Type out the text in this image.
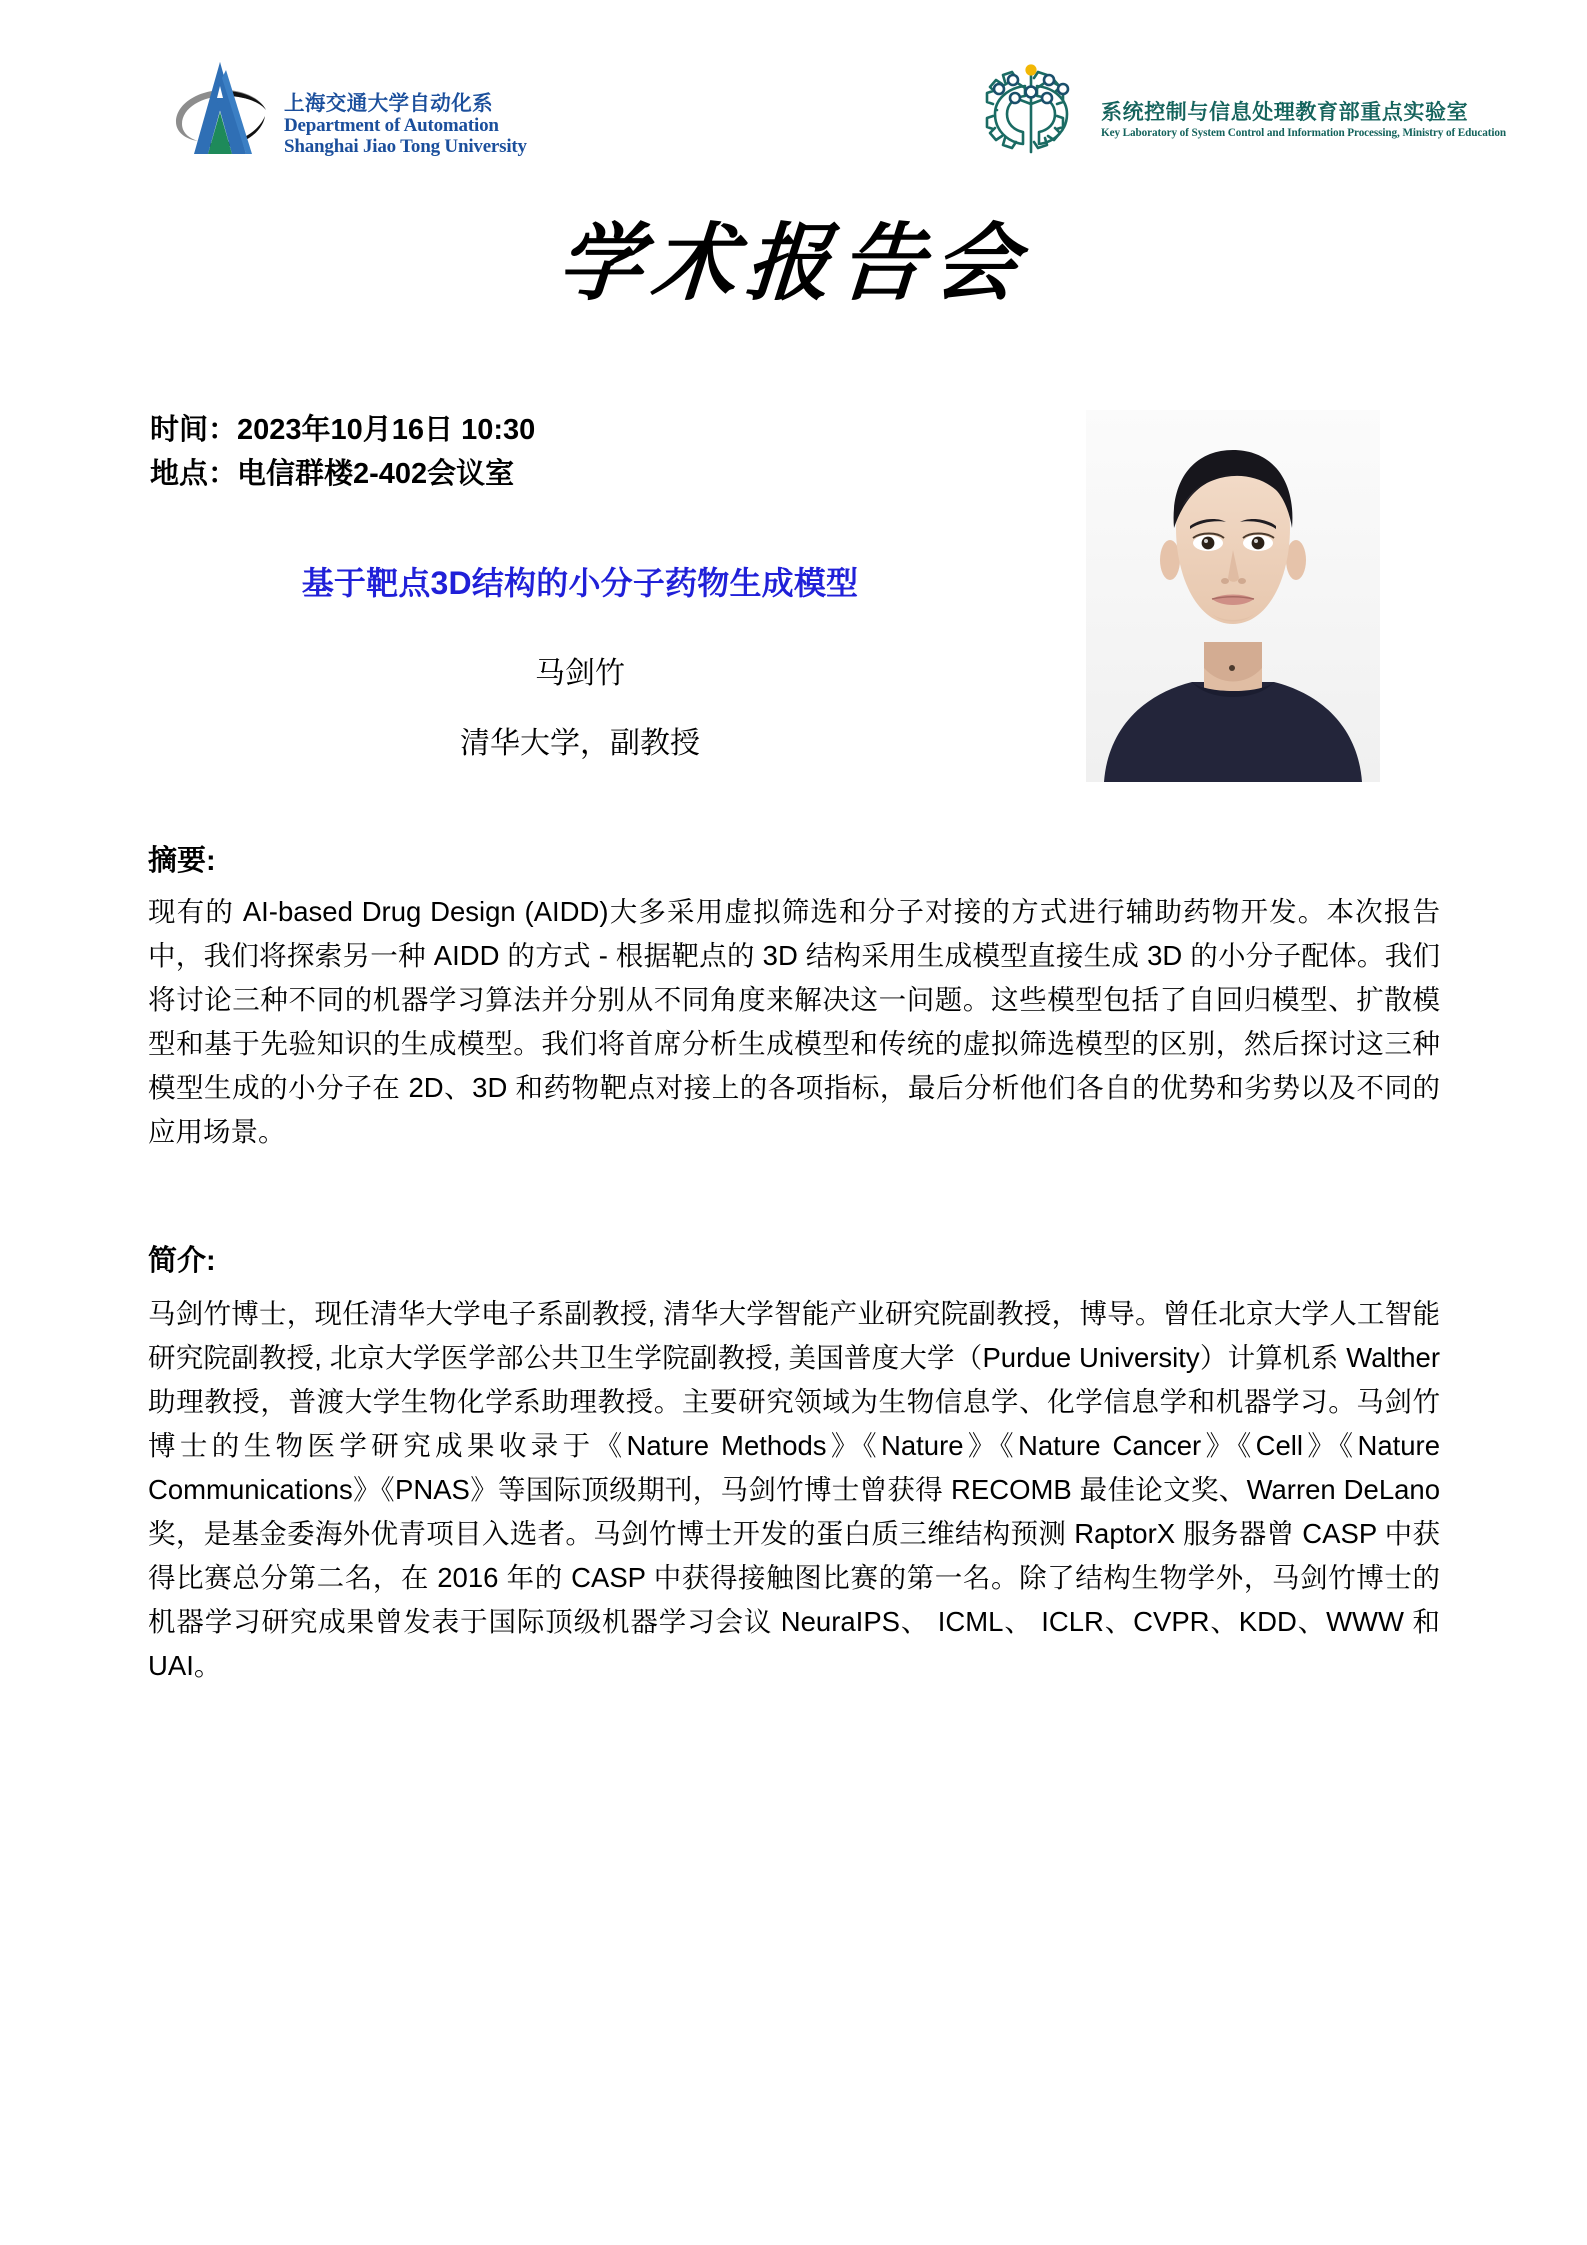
上海交通大学自动化系
Department of Automation
Shanghai Jiao Tong University
系统控制与信息处理教育部重点实验室
Key Laboratory of System Control and Information Processing, Ministry of Education
学术报告会
时间：2023年10月16日 10:30
地点：电信群楼2-402会议室
基于靶点3D结构的小分子药物生成模型
马剑竹
清华大学，副教授
摘要:

现有的 AI-based Drug Design (AIDD)大多采用虚拟筛选和分子对接的方式进行辅助药物开发。本次报告中，我们将探索另一种 AIDD 的方式 - 根据靶点的 3D 结构采用生成模型直接生成 3D 的小分子配体。我们将讨论三种不同的机器学习算法并分别从不同角度来解决这一问题。这些模型包括了自回归模型、扩散模型和基于先验知识的生成模型。我们将首席分析生成模型和传统的虚拟筛选模型的区别，然后探讨这三种模型生成的小分子在 2D、3D 和药物靶点对接上的各项指标，最后分析他们各自的优势和劣势以及不同的应用场景。

简介:

马剑竹博士，现任清华大学电子系副教授, 清华大学智能产业研究院副教授，博导。曾任北京大学人工智能研究院副教授, 北京大学医学部公共卫生学院副教授, 美国普度大学（Purdue University）计算机系 Walther 助理教授，普渡大学生物化学系助理教授。主要研究领域为生物信息学、化学信息学和机器学习。马剑竹博士的生物医学研究成果收录于《Nature Methods》《Nature》《Nature Cancer》《Cell》《Nature Communications》《PNAS》等国际顶级期刊，马剑竹博士曾获得 RECOMB 最佳论文奖、Warren DeLano 奖，是基金委海外优青项目入选者。马剑竹博士开发的蛋白质三维结构预测 RaptorX 服务器曾 CASP 中获得比赛总分第二名，在 2016 年的 CASP 中获得接触图比赛的第一名。除了结构生物学外，马剑竹博士的机器学习研究成果曾发表于国际顶级机器学习会议 NeuraIPS、 ICML、 ICLR、CVPR、KDD、WWW 和 UAI。
